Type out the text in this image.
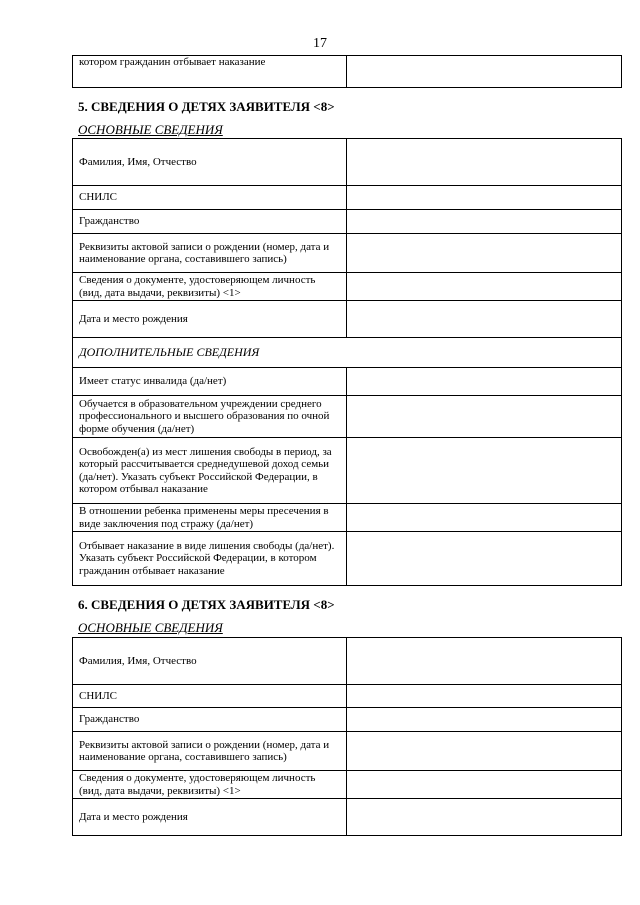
17
котором гражданин отбывает наказание	
5. СВЕДЕНИЯ О ДЕТЯХ ЗАЯВИТЕЛЯ <8>
ОСНОВНЫЕ СВЕДЕНИЯ
Фамилия, Имя, Отчество	
СНИЛС	
Гражданство	
Реквизиты актовой записи о рождении (номер, дата и наименование органа, составившего запись)	
Сведения о документе, удостоверяющем личность (вид, дата выдачи, реквизиты) <1>	
Дата и место рождения	
ДОПОЛНИТЕЛЬНЫЕ СВЕДЕНИЯ	
Имеет статус инвалида (да/нет)	
Обучается в образовательном учреждении среднего профессионального и высшего образования по очной форме обучения (да/нет)	
Освобожден(а) из мест лишения свободы в период, за который рассчитывается среднедушевой доход семьи (да/нет). Указать субъект Российской Федерации, в котором отбывал наказание	
В отношении ребенка применены меры пресечения в виде заключения под стражу (да/нет)	
Отбывает наказание в виде лишения свободы (да/нет). Указать субъект Российской Федерации, в котором гражданин отбывает наказание	
6. СВЕДЕНИЯ О ДЕТЯХ ЗАЯВИТЕЛЯ <8>
ОСНОВНЫЕ СВЕДЕНИЯ
Фамилия, Имя, Отчество	
СНИЛС	
Гражданство	
Реквизиты актовой записи о рождении (номер, дата и наименование органа, составившего запись)	
Сведения о документе, удостоверяющем личность (вид, дата выдачи, реквизиты) <1>	
Дата и место рождения	
